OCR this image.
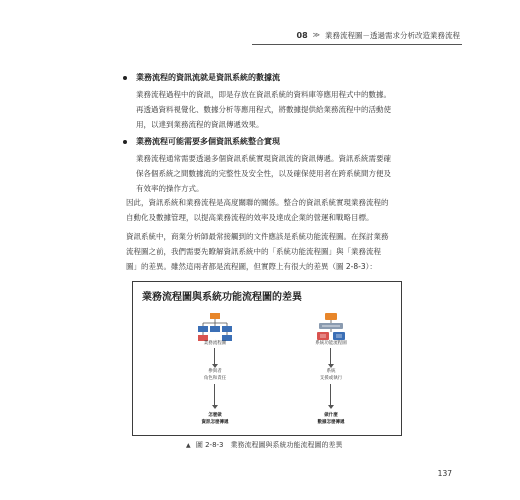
08 ≫ 業務流程圖－透過需求分析改造業務流程
業務流程的資訊流就是資訊系統的數據流
業務流程過程中的資訊，即是存放在資訊系統的資料庫等應用程式中的數據。
再透過資料視覺化、數據分析等應用程式，將數據提供給業務流程中的活動使
用，以達到業務流程的資訊傳遞效果。
業務流程可能需要多個資訊系統整合實現
業務流程通常需要透過多個資訊系統實現資訊流的資訊傳遞。資訊系統需要確
保各個系統之間數據流的完整性及安全性，以及確保使用者在跨系統間方便及
有效率的操作方式。
因此，資訊系統和業務流程是高度關聯的關係。整合的資訊系統實現業務流程的
自動化及數據管理，以提高業務流程的效率及達成企業的營運和戰略目標。
資訊系統中，商業分析師最常接觸到的文件應該是系統功能流程圖。在探討業務
流程圖之前，我們需要先瞭解資訊系統中的「系統功能流程圖」與「業務流程
圖」的差異。雖然這兩者都是流程圖，但實際上有很大的差異（圖 2-8-3）：
業務流程圖與系統功能流程圖的差異
業務流程圖
參與者
角色和責任
怎麼做
資訊怎麼傳遞
系統功能流程圖
系統
支援或執行
做什麼
數據怎麼傳遞
▲ 圖 2-8-3　業務流程圖與系統功能流程圖的差異
137
